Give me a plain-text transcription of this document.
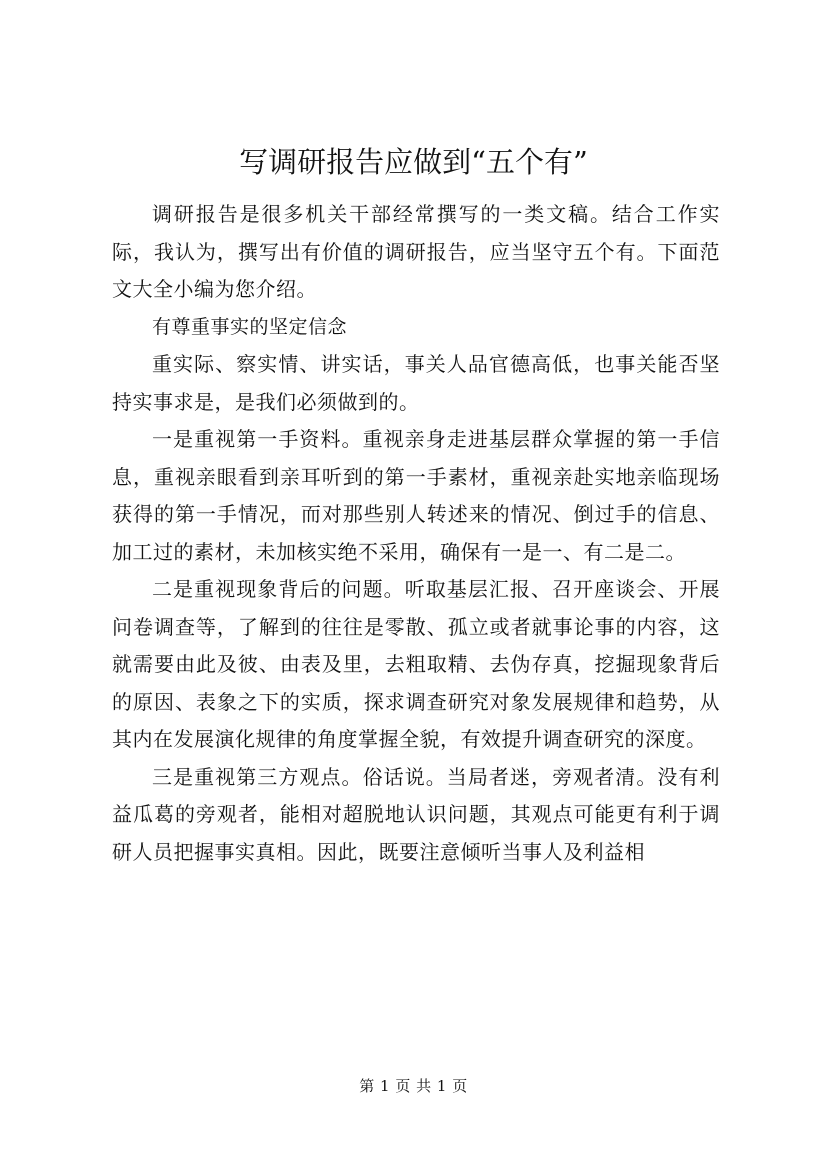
写调研报告应做到“五个有”

调研报告是很多机关干部经常撰写的一类文稿。结合工作实际，我认为，撰写出有价值的调研报告，应当坚守五个有。下面范文大全小编为您介绍。

有尊重事实的坚定信念

重实际、察实情、讲实话，事关人品官德高低，也事关能否坚持实事求是，是我们必须做到的。

一是重视第一手资料。重视亲身走进基层群众掌握的第一手信息，重视亲眼看到亲耳听到的第一手素材，重视亲赴实地亲临现场获得的第一手情况，而对那些别人转述来的情况、倒过手的信息、加工过的素材，未加核实绝不采用，确保有一是一、有二是二。

二是重视现象背后的问题。听取基层汇报、召开座谈会、开展问卷调查等，了解到的往往是零散、孤立或者就事论事的内容，这就需要由此及彼、由表及里，去粗取精、去伪存真，挖掘现象背后的原因、表象之下的实质，探求调查研究对象发展规律和趋势，从其内在发展演化规律的角度掌握全貌，有效提升调查研究的深度。

三是重视第三方观点。俗话说。当局者迷，旁观者清。没有利益瓜葛的旁观者，能相对超脱地认识问题，其观点可能更有利于调研人员把握事实真相。因此，既要注意倾听当事人及利益相

第 1 页 共 1 页
